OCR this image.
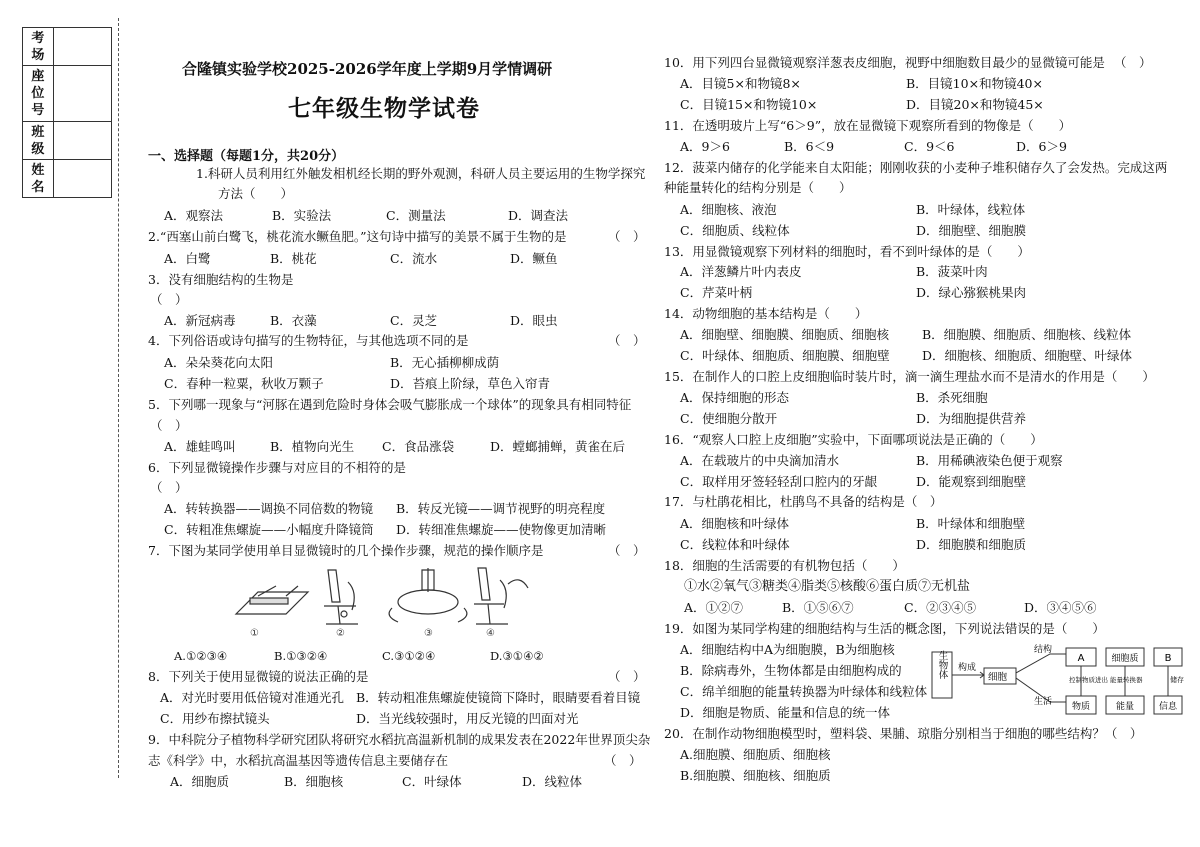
考场	

座位号	

班级	

姓名	

合隆镇实验学校2025-2026学年度上学期9月学情调研
七年级生物学试卷
一、选择题（每题1分，共20分）
1.科研人员利用红外触发相机经长期的野外观测，科研人员主要运用的生物学探究
方法（　　）
A．观察法	B．实验法	C．测量法	D．调查法
2.“西塞山前白鹭飞，桃花流水鳜鱼肥。”这句诗中描写的美景不属于生物的是	（　）
A．白鹭	B．桃花	C．流水	D．鳜鱼
3．没有细胞结构的生物是
（　）
A．新冠病毒	B．衣藻	C．灵芝	D．眼虫
4．下列俗语或诗句描写的生物特征，与其他选项不同的是	（　）
A．朵朵葵花向太阳	B．无心插柳柳成荫
C．春种一粒粟，秋收万颗子	D．苔痕上阶绿，草色入帘青
5．下列哪一现象与“河豚在遇到危险时身体会吸气膨胀成一个球体”的现象具有相同特征
（　）
A．雄蛙鸣叫	B．植物向光生 C．食品涨袋	D．螳螂捕蝉，黄雀在后
6．下列显微镜操作步骤与对应目的不相符的是
（　）
A．转转换器——调换不同倍数的物镜 B．转反光镜——调节视野的明亮程度
C．转粗准焦螺旋——小幅度升降镜筒 D．转细准焦螺旋——使物像更加清晰
7．下图为某同学使用单目显微镜时的几个操作步骤，规范的操作顺序是	（　）
①	②	③	④
A.①②③④	B.①③②④	C.③①②④	D.③①④②
8．下列关于使用显微镜的说法正确的是	（　）
A．对光时要用低倍镜对准通光孔 B．转动粗准焦螺旋使镜筒下降时，眼睛要看着目镜
C．用纱布擦拭镜头	D．当光线较强时，用反光镜的凹面对光
9．中科院分子植物科学研究团队将研究水稻抗高温新机制的成果发表在2022年世界顶尖杂
志《科学》中，水稻抗高温基因等遗传信息主要储存在	（　）
A．细胞质	B．细胞核	C．叶绿体	D．线粒体
10．用下列四台显微镜观察洋葱表皮细胞，视野中细胞数目最少的显微镜可能是 （　）
A．目镜5×和物镜8×	B．目镜10×和物镜40×
C．目镜15×和物镜10×	D．目镜20×和物镜45×
11．在透明玻片上写“6＞9”，放在显微镜下观察所看到的物像是（　　）
A．9＞6	B．6＜9	C．9＜6	D．6＞9
12．菠菜内储存的化学能来自太阳能；刚刚收获的小麦种子堆积储存久了会发热。完成这两
种能量转化的结构分别是（　　）
A．细胞核、液泡	B．叶绿体，线粒体
C．细胞质、线粒体	D．细胞壁、细胞膜
13．用显微镜观察下列材料的细胞时，看不到叶绿体的是（　　）
A．洋葱鳞片叶内表皮	B．菠菜叶肉
C．芹菜叶柄	D．绿心猕猴桃果肉
14．动物细胞的基本结构是（　　）
A．细胞壁、细胞膜、细胞质、细胞核	B．细胞膜、细胞质、细胞核、线粒体
C．叶绿体、细胞质、细胞膜、细胞壁	D．细胞核、细胞质、细胞壁、叶绿体
15．在制作人的口腔上皮细胞临时装片时，滴一滴生理盐水而不是清水的作用是（　　）
A．保持细胞的形态	B．杀死细胞
C．使细胞分散开	D．为细胞提供营养
16．“观察人口腔上皮细胞”实验中，下面哪项说法是正确的（　　）
A．在载玻片的中央滴加清水	B．用稀碘液染色便于观察
C．取样用牙签轻轻刮口腔内的牙龈	D．能观察到细胞壁
17．与杜鹃花相比，杜鹃鸟不具备的结构是（　）
A．细胞核和叶绿体	B．叶绿体和细胞壁
C．线粒体和叶绿体	D．细胞膜和细胞质
18．细胞的生活需要的有机物包括（　　）
①水②氧气③糖类④脂类⑤核酸⑥蛋白质⑦无机盐
A．①②⑦	B．①⑤⑥⑦	C．②③④⑤	D．③④⑤⑥
19．如图为某同学构建的细胞结构与生活的概念图，下列说法错误的是（　　）
A．细胞结构中A为细胞膜，B为细胞核
B．除病毒外，生物体都是由细胞构成的
C．绵羊细胞的能量转换器为叶绿体和线粒体
D．细胞是物质、能量和信息的统一体
生物体 构成
细胞
结构
生活
A	细胞质	B
控制物质进出 能量转换器	储存
物质	能量	信息
20．在制作动物细胞模型时，塑料袋、果脯、琼脂分别相当于细胞的哪些结构？（　）
A.细胞膜、细胞质、细胞核
B.细胞膜、细胞核、细胞质
